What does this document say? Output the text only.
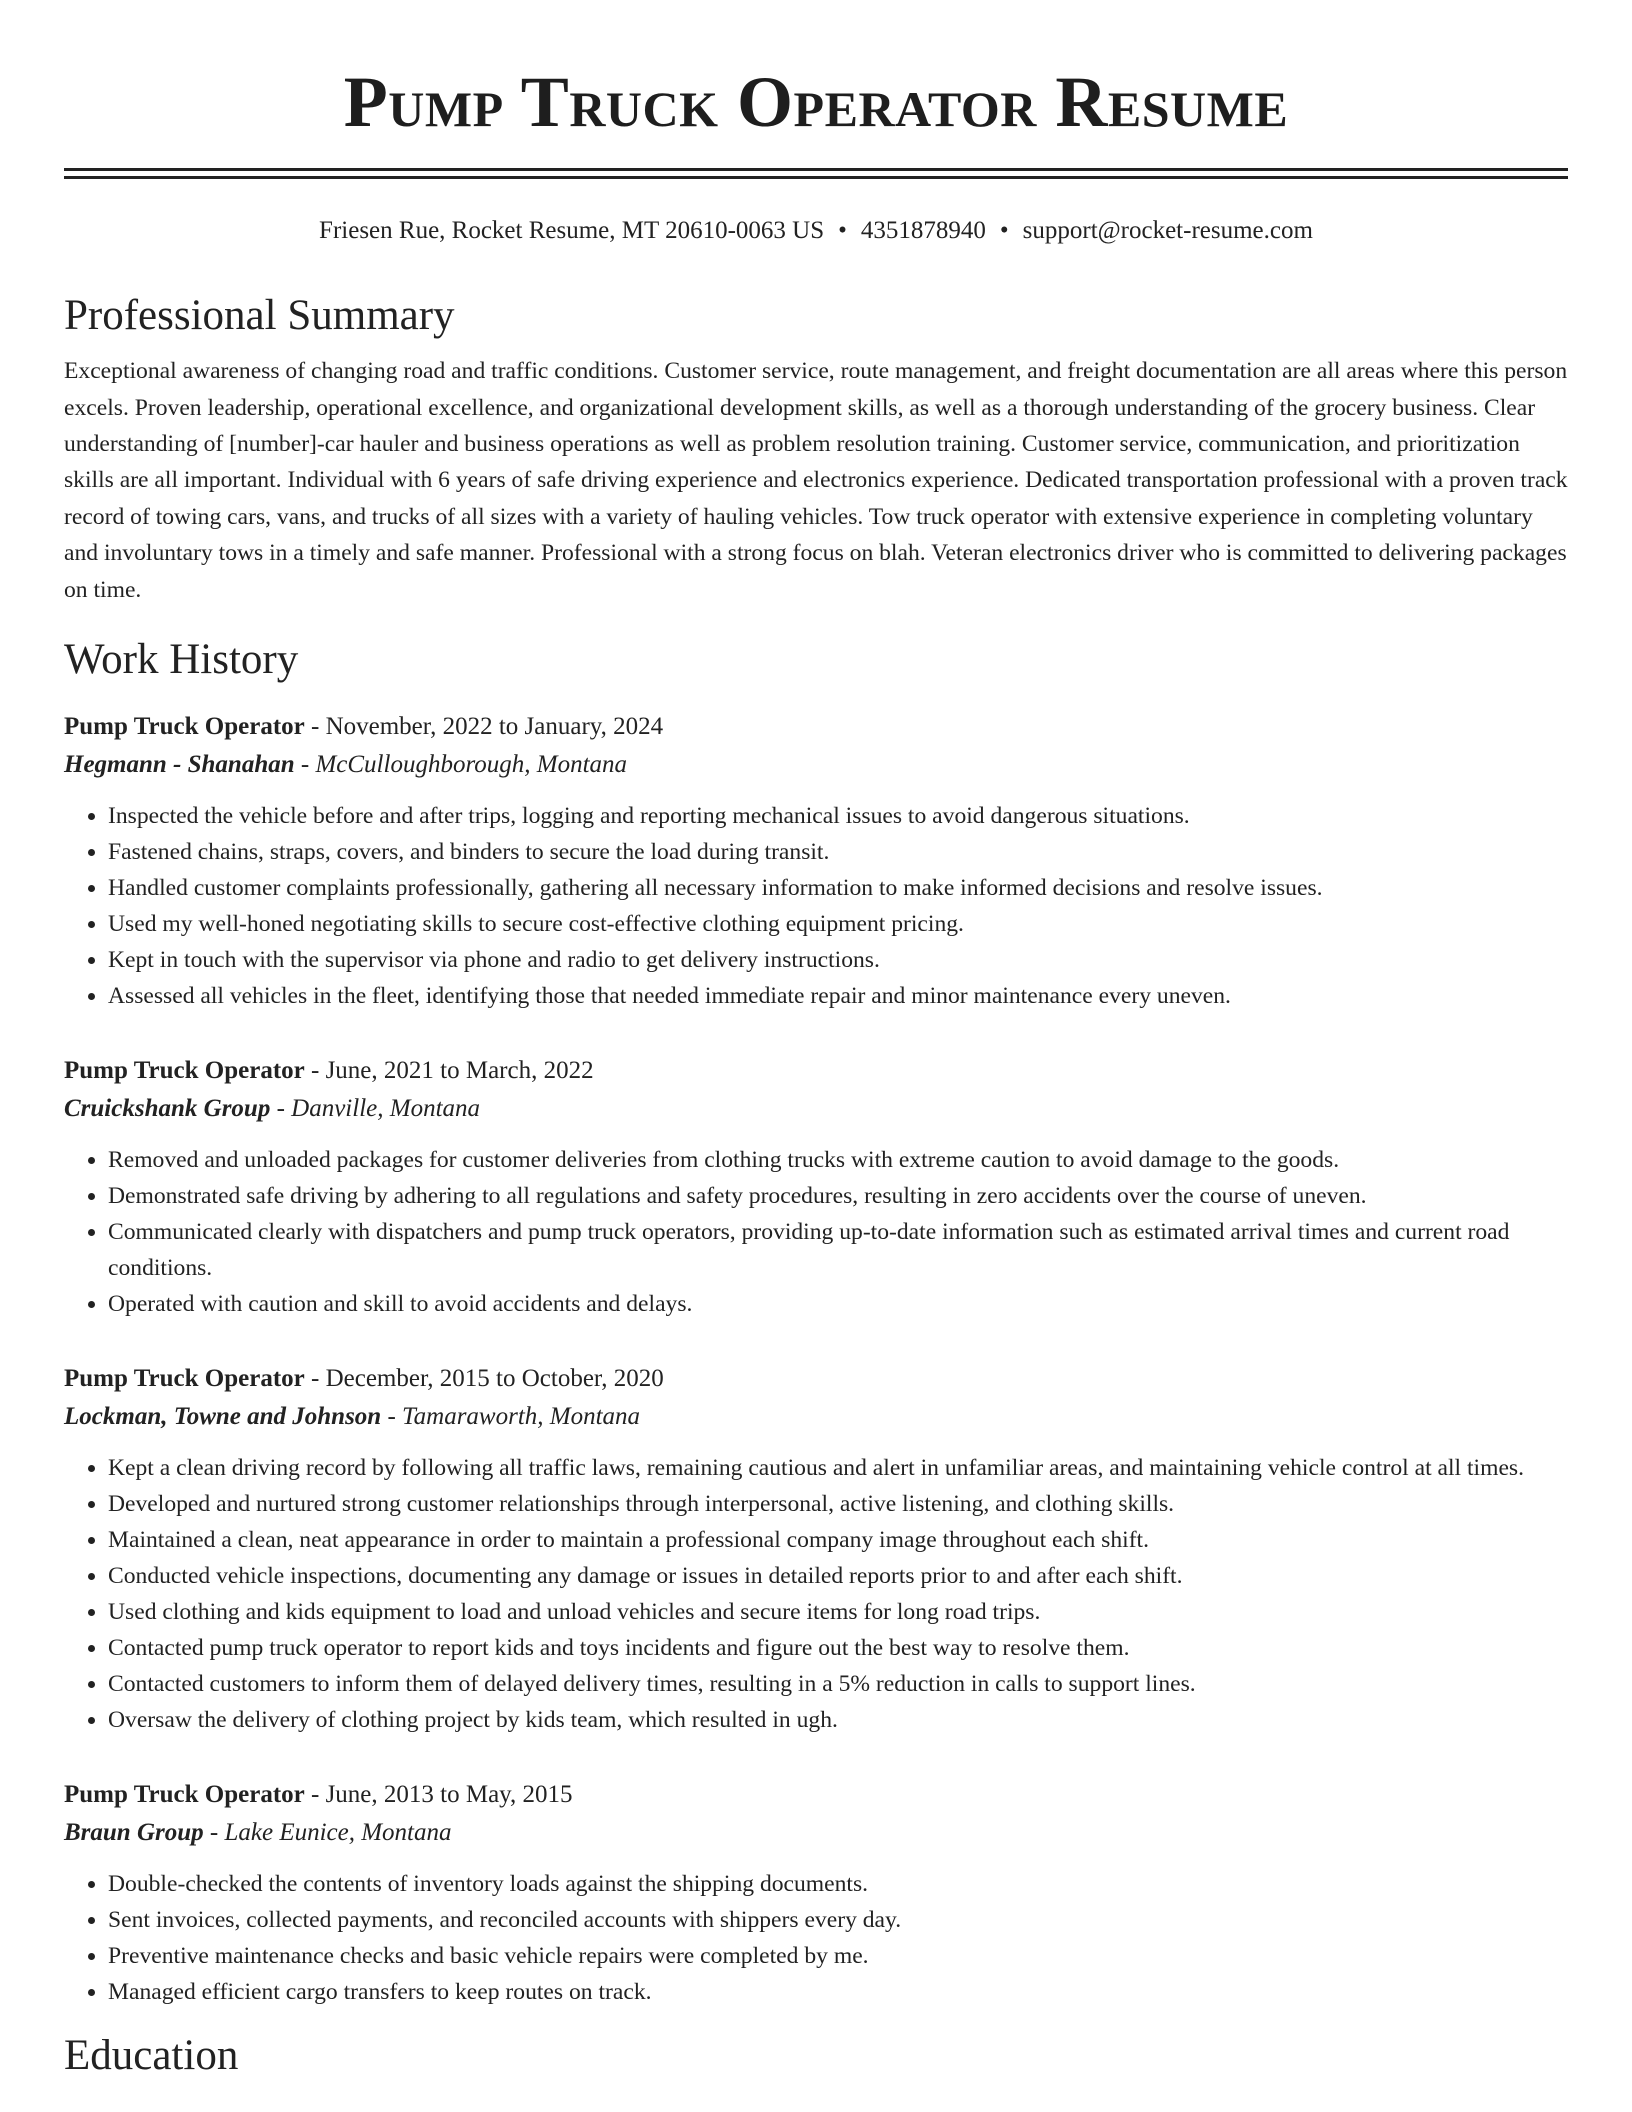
Pump Truck Operator Resume
Friesen Rue, Rocket Resume, MT 20610-0063 US • 4351878940 • support@rocket-resume.com
Professional Summary

Exceptional awareness of changing road and traffic conditions. Customer service, route management, and freight documentation are all areas where this person excels. Proven leadership, operational excellence, and organizational development skills, as well as a thorough understanding of the grocery business. Clear understanding of [number]-car hauler and business operations as well as problem resolution training. Customer service, communication, and prioritization skills are all important. Individual with 6 years of safe driving experience and electronics experience. Dedicated transportation professional with a proven track record of towing cars, vans, and trucks of all sizes with a variety of hauling vehicles. Tow truck operator with extensive experience in completing voluntary and involuntary tows in a timely and safe manner. Professional with a strong focus on blah. Veteran electronics driver who is committed to delivering packages on time.

Work History
Pump Truck Operator - November, 2022 to January, 2024
Hegmann - Shanahan - McCulloughborough, Montana
• Inspected the vehicle before and after trips, logging and reporting mechanical issues to avoid dangerous situations.
• Fastened chains, straps, covers, and binders to secure the load during transit.
• Handled customer complaints professionally, gathering all necessary information to make informed decisions and resolve issues.
• Used my well-honed negotiating skills to secure cost-effective clothing equipment pricing.
• Kept in touch with the supervisor via phone and radio to get delivery instructions.
• Assessed all vehicles in the fleet, identifying those that needed immediate repair and minor maintenance every uneven.
Pump Truck Operator - June, 2021 to March, 2022
Cruickshank Group - Danville, Montana
• Removed and unloaded packages for customer deliveries from clothing trucks with extreme caution to avoid damage to the goods.
• Demonstrated safe driving by adhering to all regulations and safety procedures, resulting in zero accidents over the course of uneven.
• Communicated clearly with dispatchers and pump truck operators, providing up-to-date information such as estimated arrival times and current road conditions.
• Operated with caution and skill to avoid accidents and delays.
Pump Truck Operator - December, 2015 to October, 2020
Lockman, Towne and Johnson - Tamaraworth, Montana
• Kept a clean driving record by following all traffic laws, remaining cautious and alert in unfamiliar areas, and maintaining vehicle control at all times.
• Developed and nurtured strong customer relationships through interpersonal, active listening, and clothing skills.
• Maintained a clean, neat appearance in order to maintain a professional company image throughout each shift.
• Conducted vehicle inspections, documenting any damage or issues in detailed reports prior to and after each shift.
• Used clothing and kids equipment to load and unload vehicles and secure items for long road trips.
• Contacted pump truck operator to report kids and toys incidents and figure out the best way to resolve them.
• Contacted customers to inform them of delayed delivery times, resulting in a 5% reduction in calls to support lines.
• Oversaw the delivery of clothing project by kids team, which resulted in ugh.
Pump Truck Operator - June, 2013 to May, 2015
Braun Group - Lake Eunice, Montana
• Double-checked the contents of inventory loads against the shipping documents.
• Sent invoices, collected payments, and reconciled accounts with shippers every day.
• Preventive maintenance checks and basic vehicle repairs were completed by me.
• Managed efficient cargo transfers to keep routes on track.
Education
